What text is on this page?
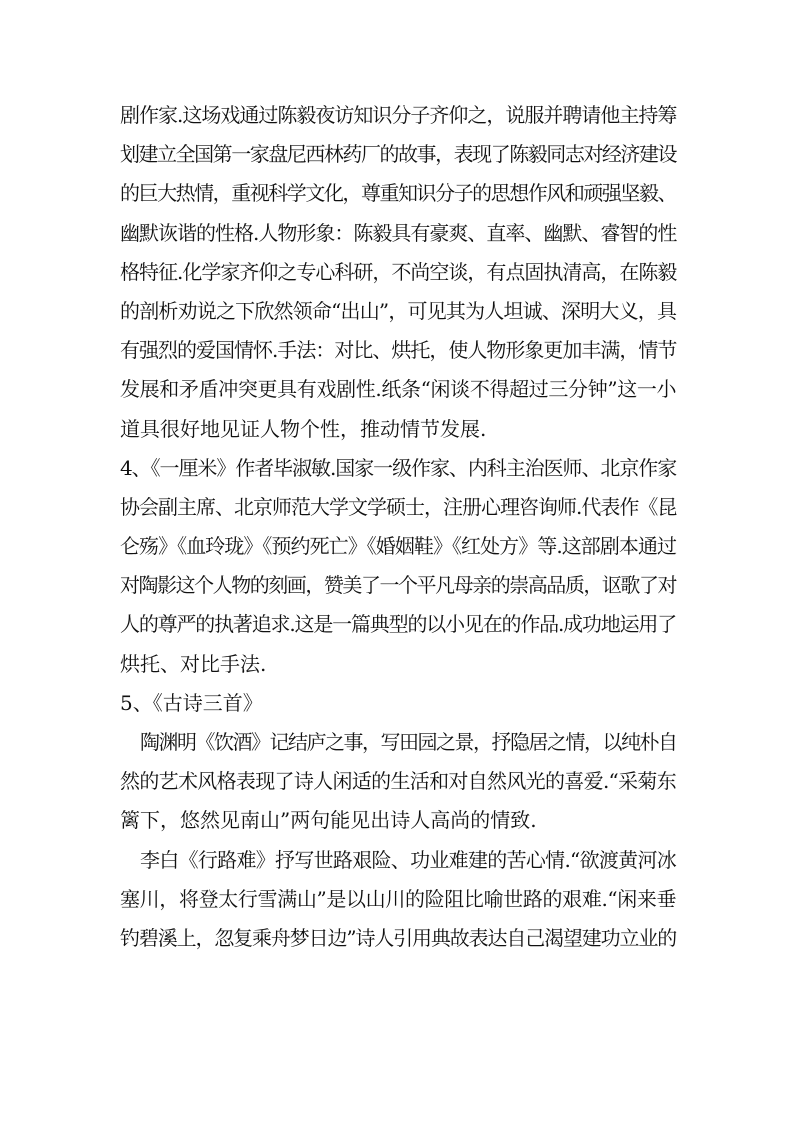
剧作家.这场戏通过陈毅夜访知识分子齐仰之，说服并聘请他主持筹
划建立全国第一家盘尼西林药厂的故事，表现了陈毅同志对经济建设
的巨大热情，重视科学文化，尊重知识分子的思想作风和顽强坚毅、
幽默诙谐的性格.人物形象：陈毅具有豪爽、直率、幽默、睿智的性
格特征.化学家齐仰之专心科研，不尚空谈，有点固执清高，在陈毅
的剖析劝说之下欣然领命“出山”，可见其为人坦诚、深明大义，具
有强烈的爱国情怀.手法：对比、烘托，使人物形象更加丰满，情节
发展和矛盾冲突更具有戏剧性.纸条“闲谈不得超过三分钟”这一小
道具很好地见证人物个性，推动情节发展.
4、《一厘米》作者毕淑敏.国家一级作家、内科主治医师、北京作家
协会副主席、北京师范大学文学硕士，注册心理咨询师.代表作《昆
仑殇》《血玲珑》《预约死亡》《婚姻鞋》《红处方》等.这部剧本通过
对陶影这个人物的刻画，赞美了一个平凡母亲的崇高品质，讴歌了对
人的尊严的执著追求.这是一篇典型的以小见在的作品.成功地运用了
烘托、对比手法.
5、《古诗三首》
陶渊明《饮酒》记结庐之事，写田园之景，抒隐居之情，以纯朴自
然的艺术风格表现了诗人闲适的生活和对自然风光的喜爱.“采菊东
篱下，悠然见南山”两句能见出诗人高尚的情致.
李白《行路难》抒写世路艰险、功业难建的苦心情.“欲渡黄河冰
塞川，将登太行雪满山”是以山川的险阻比喻世路的艰难.“闲来垂
钓碧溪上，忽复乘舟梦日边”诗人引用典故表达自己渴望建功立业的
